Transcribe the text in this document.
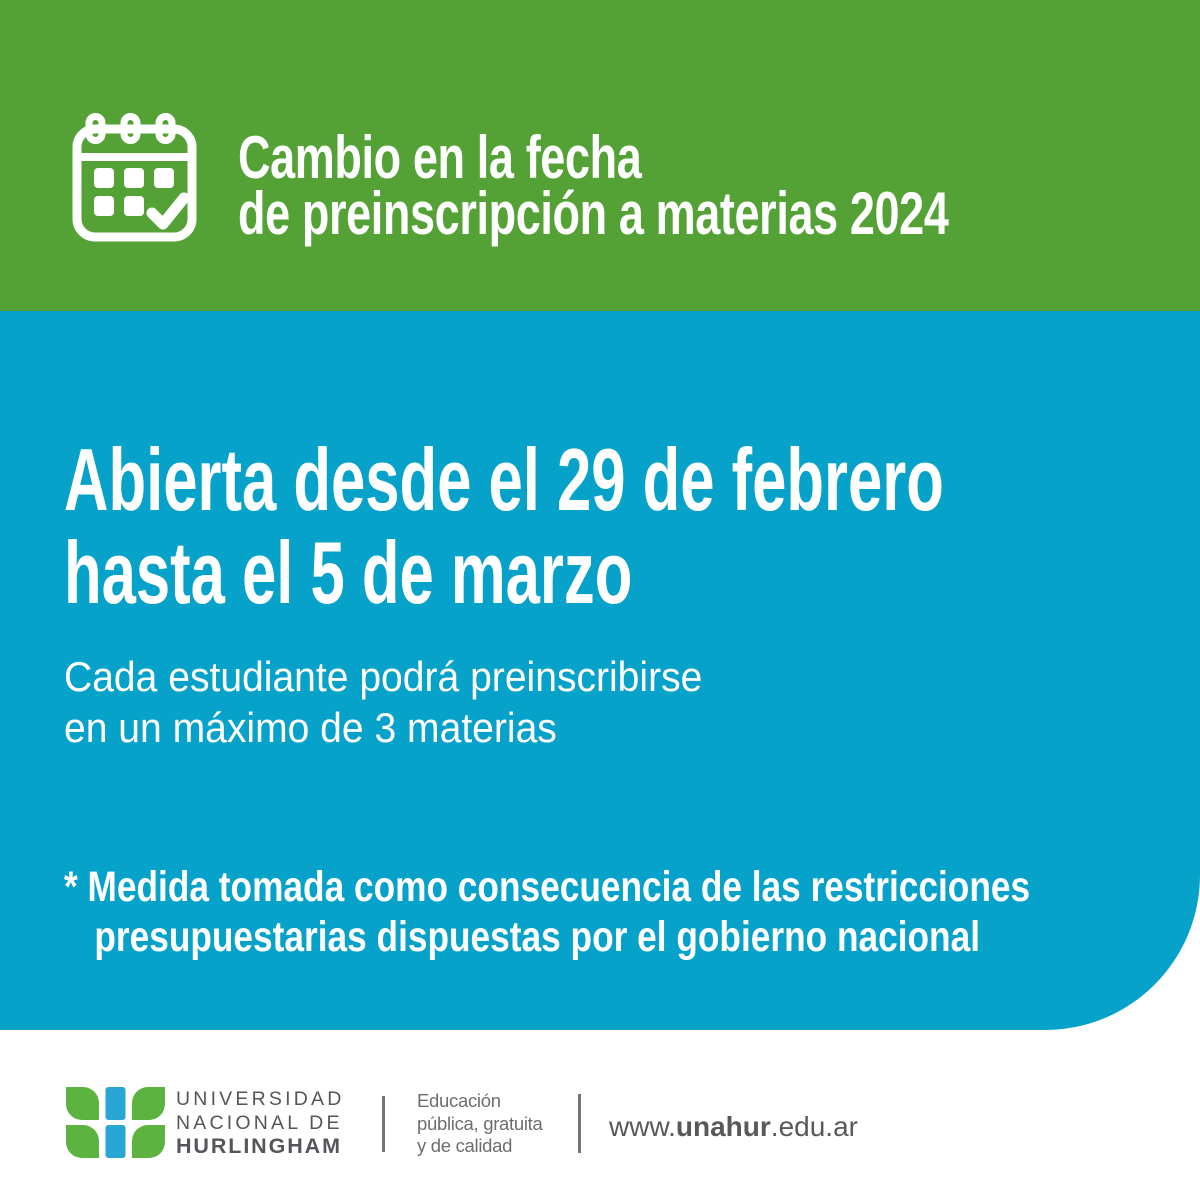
Cambio en la fecha
de preinscripción a materias 2024
Abierta desde el 29 de febrero
hasta el 5 de marzo
Cada estudiante podrá preinscribirse
en un máximo de 3 materias
* Medida tomada como consecuencia de las restricciones
presupuestarias dispuestas por el gobierno nacional
UNIVERSIDAD
NACIONAL DE
HURLINGHAM
Educación
pública, gratuita
y de calidad
www.unahur.edu.ar
